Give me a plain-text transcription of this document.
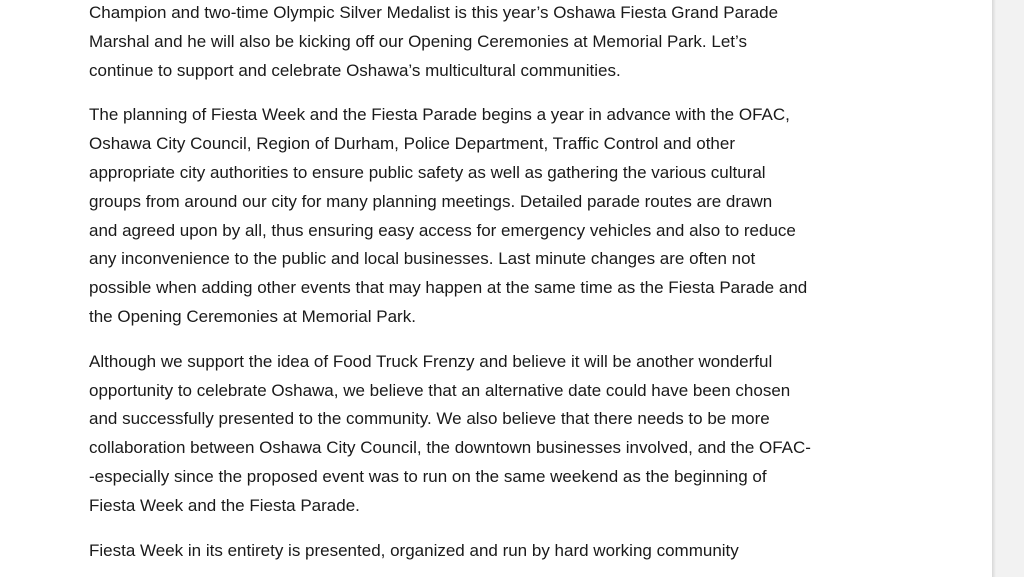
Champion and two-time Olympic Silver Medalist is this year’s Oshawa Fiesta Grand Parade
Marshal and he will also be kicking off our Opening Ceremonies at Memorial Park. Let’s
continue to support and celebrate Oshawa’s multicultural communities.

The planning of Fiesta Week and the Fiesta Parade begins a year in advance with the OFAC,
Oshawa City Council, Region of Durham, Police Department, Traffic Control and other
appropriate city authorities to ensure public safety as well as gathering the various cultural
groups from around our city for many planning meetings. Detailed parade routes are drawn
and agreed upon by all, thus ensuring easy access for emergency vehicles and also to reduce
any inconvenience to the public and local businesses. Last minute changes are often not
possible when adding other events that may happen at the same time as the Fiesta Parade and
the Opening Ceremonies at Memorial Park.

Although we support the idea of Food Truck Frenzy and believe it will be another wonderful
opportunity to celebrate Oshawa, we believe that an alternative date could have been chosen
and successfully presented to the community. We also believe that there needs to be more
collaboration between Oshawa City Council, the downtown businesses involved, and the OFAC-
-especially since the proposed event was to run on the same weekend as the beginning of
Fiesta Week and the Fiesta Parade.

Fiesta Week in its entirety is presented, organized and run by hard working community
